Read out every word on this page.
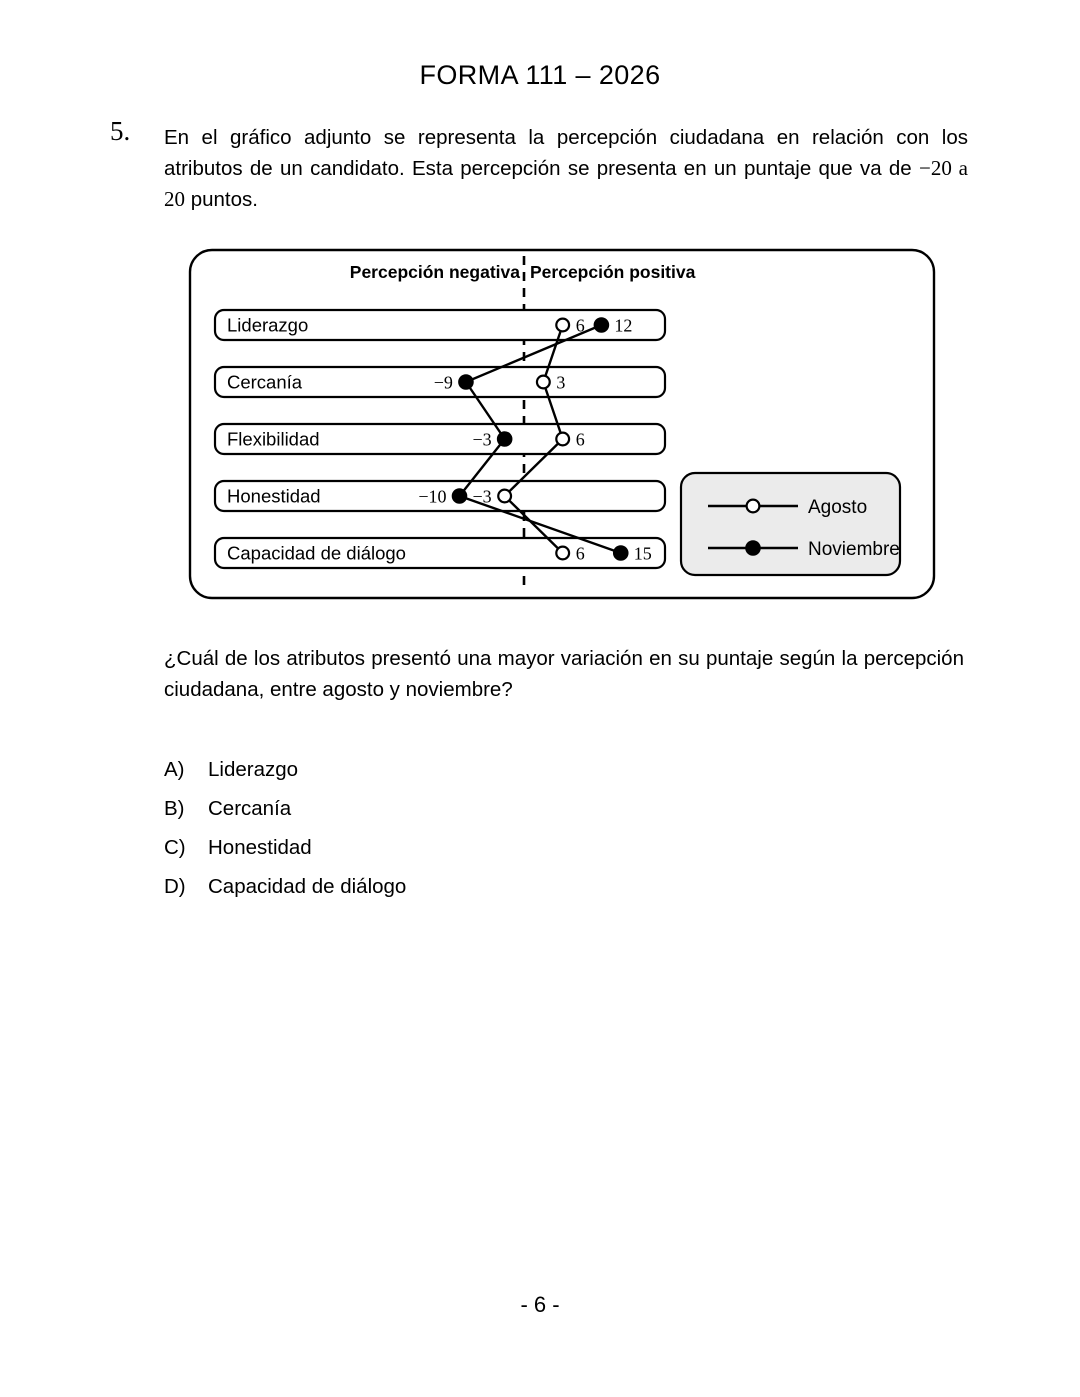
FORMA 111 – 2026
5. En el gráfico adjunto se representa la percepción ciudadana en relación con los atributos de un candidato. Esta percepción se presenta en un puntaje que va de −20 a 20 puntos.
Percepción negativa Percepción positiva
Liderazgo
Cercanía
Flexibilidad
Honestidad
Capacidad de diálogo
6
3
6
−3
6
12
−9
−3
−10
15
Agosto
Noviembre
¿Cuál de los atributos presentó una mayor variación en su puntaje según la percepción ciudadana, entre agosto y noviembre?
A)	Liderazgo
B)	Cercanía
C)	Honestidad
D)	Capacidad de diálogo
- 6 -
